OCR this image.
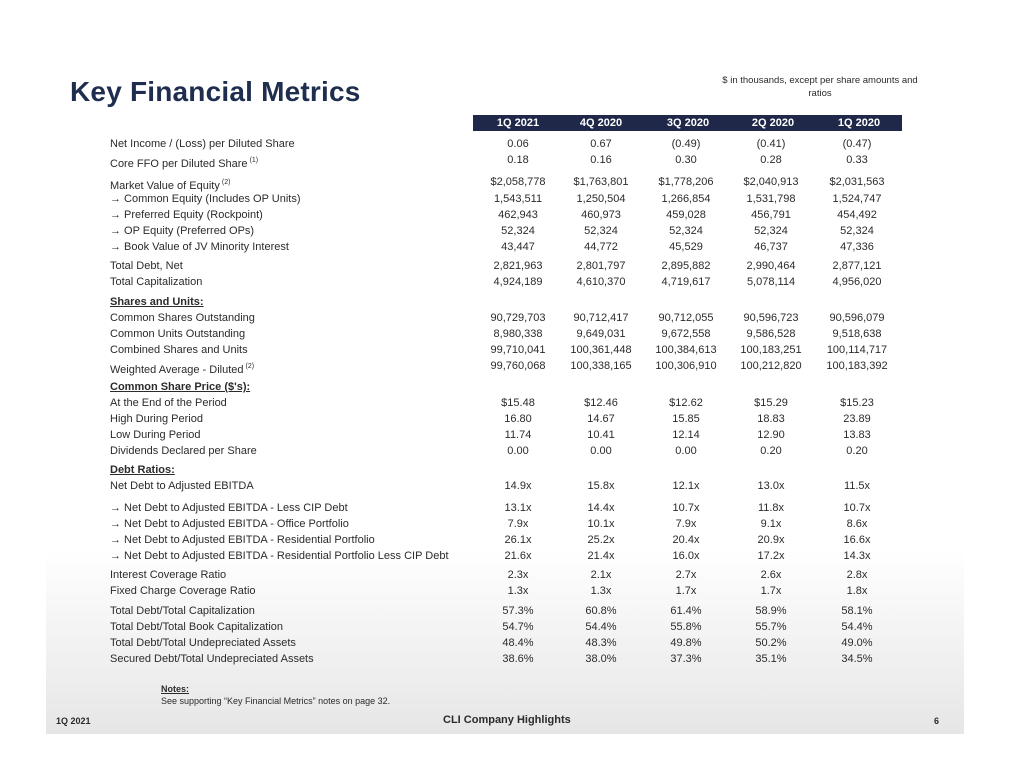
Key Financial Metrics	$ in thousands, except per share amounts and ratios
1Q 2021	4Q 2020	3Q 2020	2Q 2020	1Q 2020
Net Income / (Loss) per Diluted Share	0.06	0.67	(0.49)	(0.41)	(0.47)
Core FFO per Diluted Share $^{(1)}$	0.18	0.16	0.30	0.28	0.33
Market Value of Equity $^{(2)}$	$2,058,778	$1,763,801	$1,778,206	$2,040,913	$2,031,563
→ Common Equity (Includes OP Units)	1,543,511	1,250,504	1,266,854	1,531,798	1,524,747
→ Preferred Equity (Rockpoint)	462,943	460,973	459,028	456,791	454,492
→ OP Equity (Preferred OPs)	52,324	52,324	52,324	52,324	52,324
→ Book Value of JV Minority Interest	43,447	44,772	45,529	46,737	47,336
Total Debt, Net	2,821,963	2,801,797	2,895,882	2,990,464	2,877,121
Total Capitalization	4,924,189	4,610,370	4,719,617	5,078,114	4,956,020
Shares and Units:
Common Shares Outstanding	90,729,703	90,712,417	90,712,055	90,596,723	90,596,079
Common Units Outstanding	8,980,338	9,649,031	9,672,558	9,586,528	9,518,638
Combined Shares and Units	99,710,041	100,361,448	100,384,613	100,183,251	100,114,717
Weighted Average - Diluted $^{(2)}$	99,760,068	100,338,165	100,306,910	100,212,820	100,183,392
Common Share Price ($'s):
At the End of the Period	$15.48	$12.46	$12.62	$15.29	$15.23
High During Period	16.80	14.67	15.85	18.83	23.89
Low During Period	11.74	10.41	12.14	12.90	13.83
Dividends Declared per Share	0.00	0.00	0.00	0.20	0.20
Debt Ratios:
Net Debt to Adjusted EBITDA	14.9x	15.8x	12.1x	13.0x	11.5x
→ Net Debt to Adjusted EBITDA - Less CIP Debt	13.1x	14.4x	10.7x	11.8x	10.7x
→ Net Debt to Adjusted EBITDA - Office Portfolio	7.9x	10.1x	7.9x	9.1x	8.6x
→ Net Debt to Adjusted EBITDA - Residential Portfolio	26.1x	25.2x	20.4x	20.9x	16.6x
→ Net Debt to Adjusted EBITDA - Residential Portfolio Less CIP Debt	21.6x	21.4x	16.0x	17.2x	14.3x
Interest Coverage Ratio	2.3x	2.1x	2.7x	2.6x	2.8x
Fixed Charge Coverage Ratio	1.3x	1.3x	1.7x	1.7x	1.8x
Total Debt/Total Capitalization	57.3%	60.8%	61.4%	58.9%	58.1%
Total Debt/Total Book Capitalization	54.7%	54.4%	55.8%	55.7%	54.4%
Total Debt/Total Undepreciated Assets	48.4%	48.3%	49.8%	50.2%	49.0%
Secured Debt/Total Undepreciated Assets	38.6%	38.0%	37.3%	35.1%	34.5%
Notes:
See supporting “Key Financial Metrics” notes on page 32.
1Q 2021	CLI Company Highlights	6
